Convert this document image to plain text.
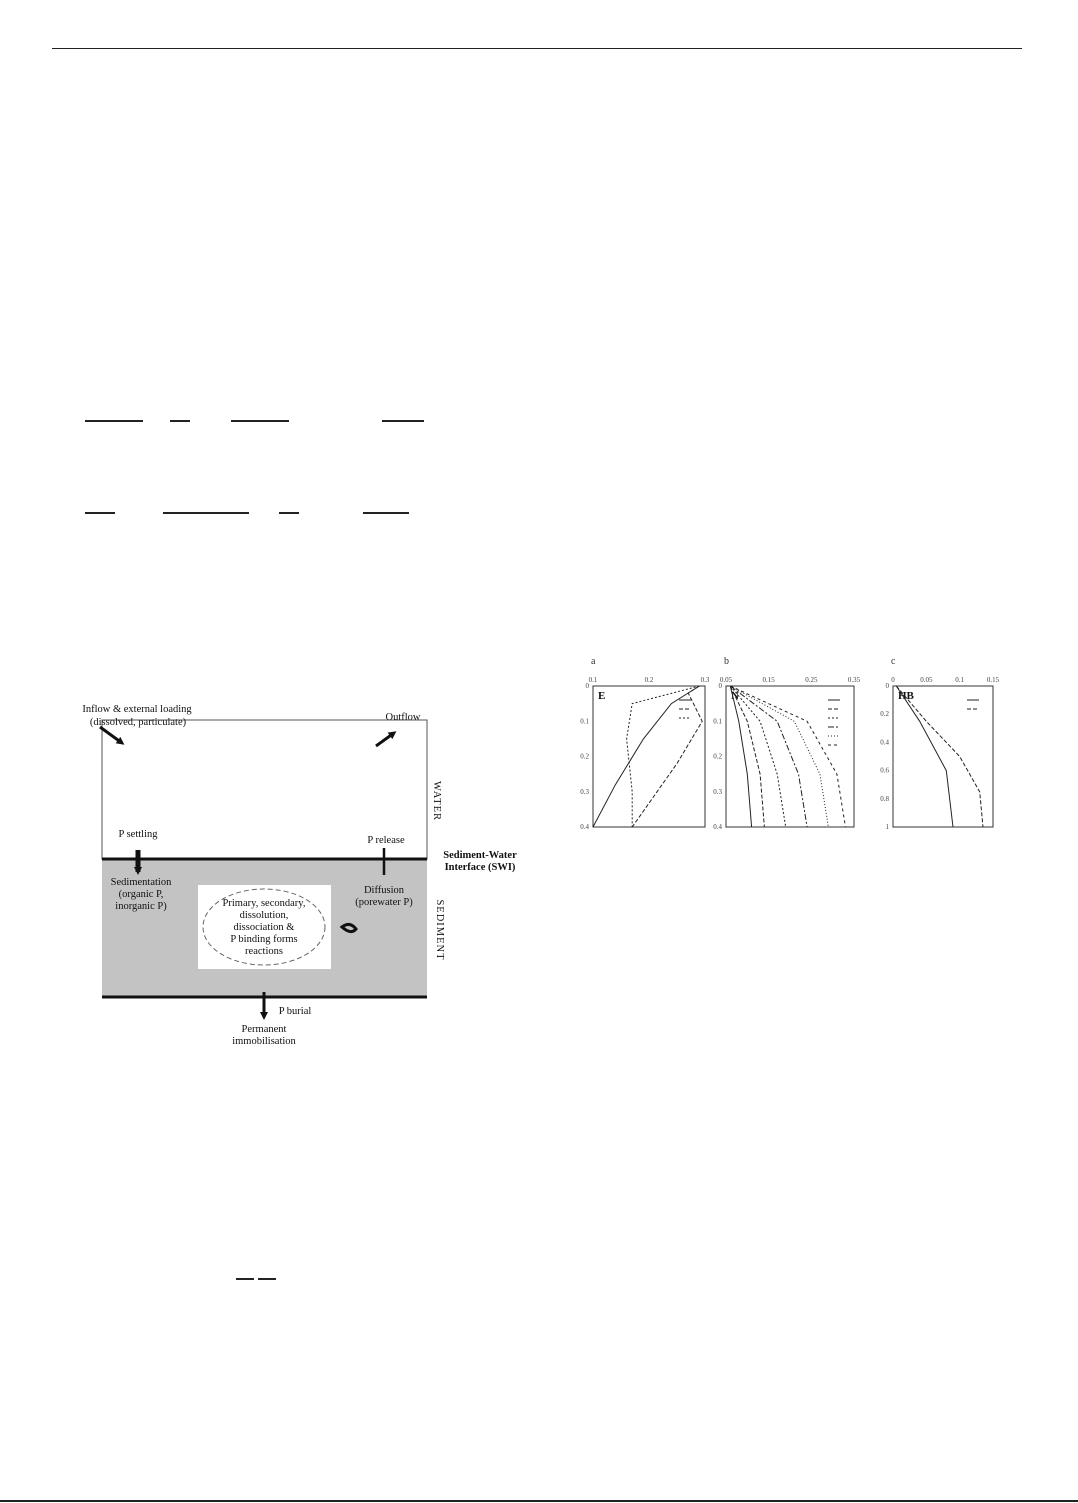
Inflow & external loading
(dissolved, particulate)	Outflow
WATER
SEDIMENT
P settling
P release
Sediment-Water
Interface (SWI)
Sedimentation
(organic P,
inorganic P)
Diffusion
(porewater P)
Primary, secondary,
dissolution,
dissociation &
P binding forms
reactions
P burial
Permanent
immobilisation
a
E
0.1	0.2	0.3
0
0.1
0.2
0.3
0.4
b
N
0.05	0.15	0.25	0.35
0
0.1
0.2
0.3
0.4
c
HB
0	0.05	0.1	0.15
0
0.2
0.4
0.6
0.8
1
